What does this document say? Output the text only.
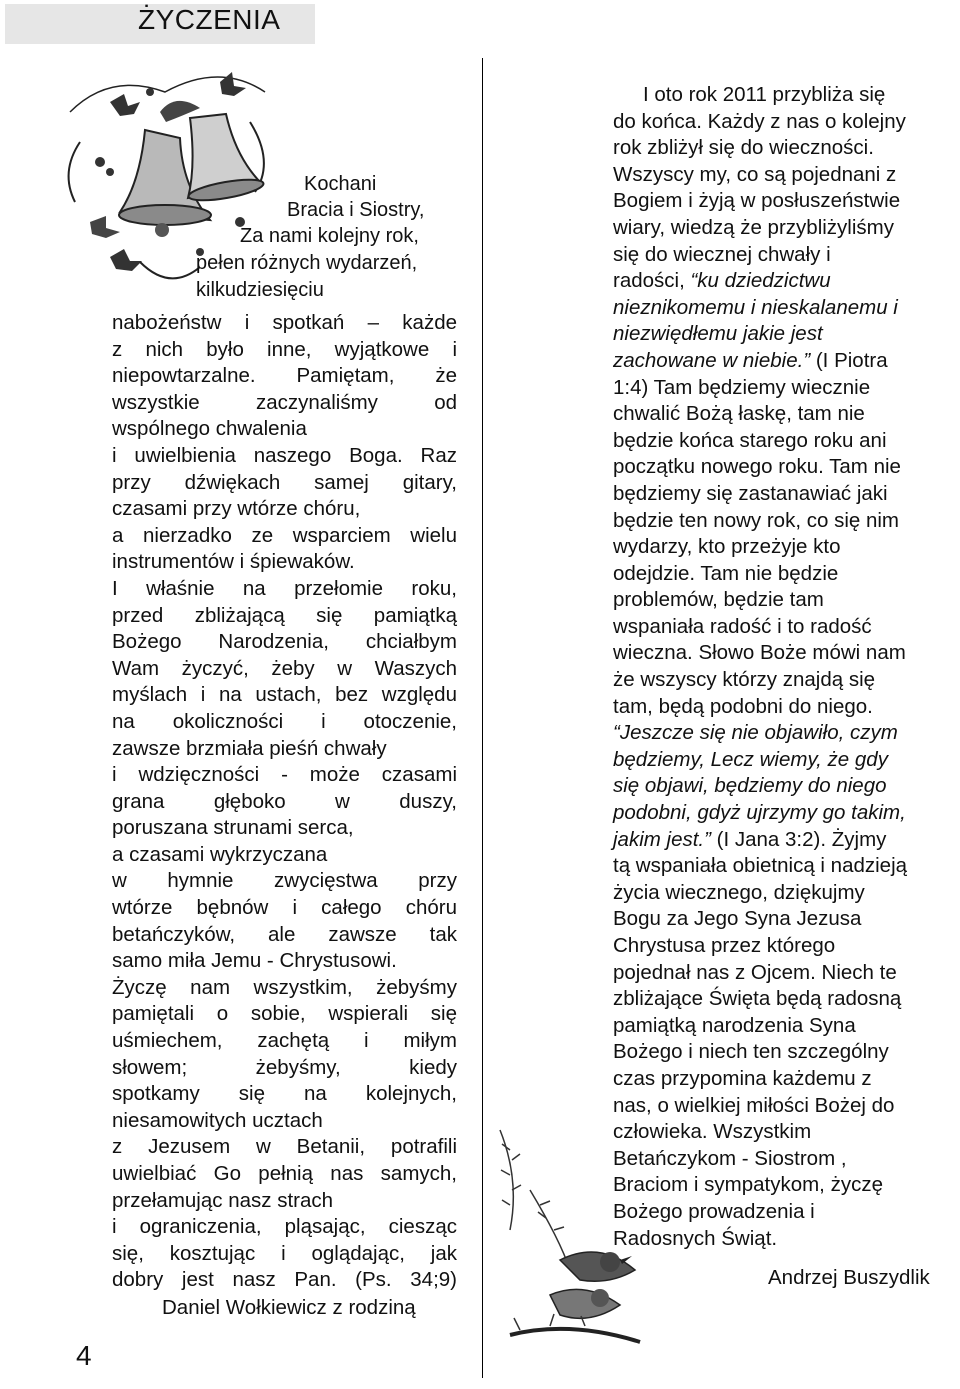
ŻYCZENIA
Kochani
Bracia i Siostry,
Za nami kolejny rok,
pełen różnych wydarzeń,
kilkudziesięciu

nabożeństw i spotkań – każde

z nich było inne, wyjątkowe i

niepowtarzalne. Pamiętam, że

wszystkie zaczynaliśmy od

wspólnego chwalenia

i uwielbienia naszego Boga. Raz

przy dźwiękach samej gitary,

czasami przy wtórze chóru,

a nierzadko ze wsparciem wielu

instrumentów i śpiewaków.

I właśnie na przełomie roku,

przed zbliżającą się pamiątką

Bożego Narodzenia, chciałbym

Wam życzyć, żeby w Waszych

myślach i na ustach, bez względu

na okoliczności i otoczenie,

zawsze brzmiała pieśń chwały

i wdzięczności - może czasami

grana głęboko w duszy,

poruszana strunami serca,

a czasami wykrzyczana

w hymnie zwycięstwa przy

wtórze bębnów i całego chóru

betańczyków, ale zawsze tak

samo miła Jemu - Chrystusowi.

Życzę nam wszystkim, żebyśmy

pamiętali o sobie, wspierali się

uśmiechem, zachętą i miłym

słowem; żebyśmy, kiedy

spotkamy się na kolejnych,

niesamowitych ucztach

z Jezusem w Betanii, potrafili

uwielbiać Go pełnią nas samych,

przełamując nasz strach

i ograniczenia, pląsając, ciesząc

się, kosztując i oglądając, jak

dobry jest nasz Pan. (Ps. 34;9)

Daniel Wołkiewicz z rodziną

I oto rok 2011 przybliża się

do końca. Każdy z nas o kolejny

rok zbliżył się do wieczności.

Wszyscy my, co są pojednani z

Bogiem i żyją w posłuszeństwie

wiary, wiedzą że przybliżyliśmy

się do wiecznej chwały i

radości, “ku dziedzictwu

nieznikomemu i nieskalanemu i

niezwiędłemu jakie jest

zachowane w niebie.” (I Piotra

1:4) Tam będziemy wiecznie

chwalić Bożą łaskę, tam nie

będzie końca starego roku ani

początku nowego roku. Tam nie

będziemy się zastanawiać jaki

będzie ten nowy rok, co się nim

wydarzy, kto przeżyje kto

odejdzie. Tam nie będzie

problemów, będzie tam

wspaniała radość i to radość

wieczna. Słowo Boże mówi nam

że wszyscy którzy znajdą się

tam, będą podobni do niego.

“Jeszcze się nie objawiło, czym

będziemy, Lecz wiemy, że gdy

się objawi, będziemy do niego

podobni, gdyż ujrzymy go takim,

jakim jest.” (I Jana 3:2). Żyjmy

tą wspaniała obietnicą i nadzieją

życia wiecznego, dziękujmy

Bogu za Jego Syna Jezusa

Chrystusa przez którego

pojednał nas z Ojcem. Niech te

zbliżające Święta będą radosną

pamiątką narodzenia Syna

Bożego i niech ten szczególny

czas przypomina każdemu z

nas, o wielkiej miłości Bożej do

człowieka. Wszystkim

Betańczykom - Siostrom ,

Braciom i sympatykom, życzę

Bożego prowadzenia i

Radosnych Świąt.

Andrzej Buszydlik
4
